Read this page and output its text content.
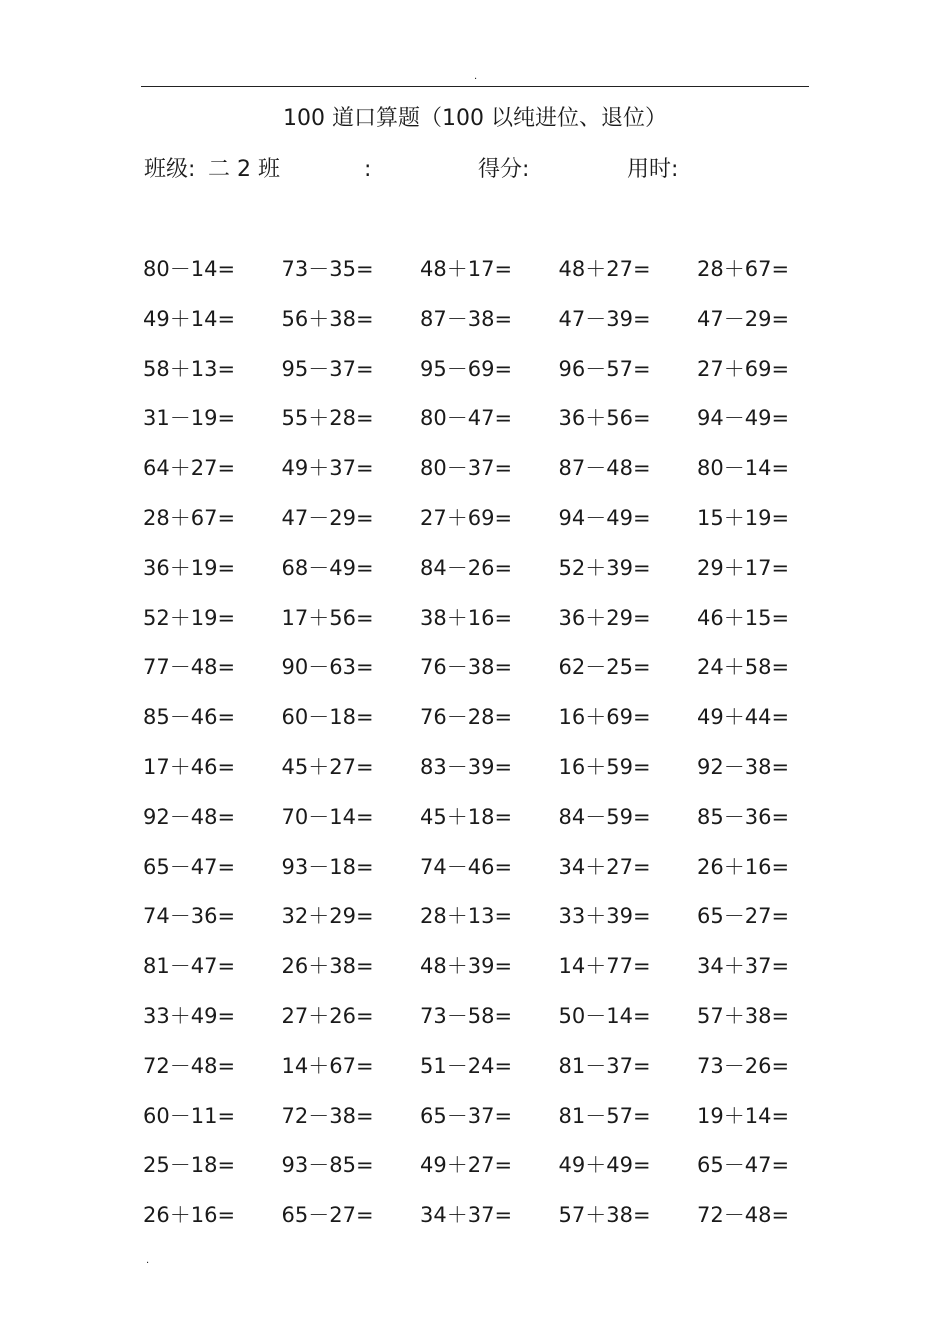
.
100 道口算题（100 以纯进位、退位）
班级: 二 2 班	:	得分:	用时:
80－14=	73－35=	48＋17=	48＋27=	28＋67=
49＋14=	56＋38=	87－38=	47－39=	47－29=
58＋13=	95－37=	95－69=	96－57=	27＋69=
31－19=	55＋28=	80－47=	36＋56=	94－49=
64＋27=	49＋37=	80－37=	87－48=	80－14=
28＋67=	47－29=	27＋69=	94－49=	15＋19=
36＋19=	68－49=	84－26=	52＋39=	29＋17=
52＋19=	17＋56=	38＋16=	36＋29=	46＋15=
77－48=	90－63=	76－38=	62－25=	24＋58=
85－46=	60－18=	76－28=	16＋69=	49＋44=
17＋46=	45＋27=	83－39=	16＋59=	92－38=
92－48=	70－14=	45＋18=	84－59=	85－36=
65－47=	93－18=	74－46=	34＋27=	26＋16=
74－36=	32＋29=	28＋13=	33＋39=	65－27=
81－47=	26＋38=	48＋39=	14＋77=	34＋37=
33＋49=	27＋26=	73－58=	50－14=	57＋38=
72－48=	14＋67=	51－24=	81－37=	73－26=
60－11=	72－38=	65－37=	81－57=	19＋14=
25－18=	93－85=	49＋27=	49＋49=	65－47=
26＋16=	65－27=	34＋37=	57＋38=	72－48=
.
